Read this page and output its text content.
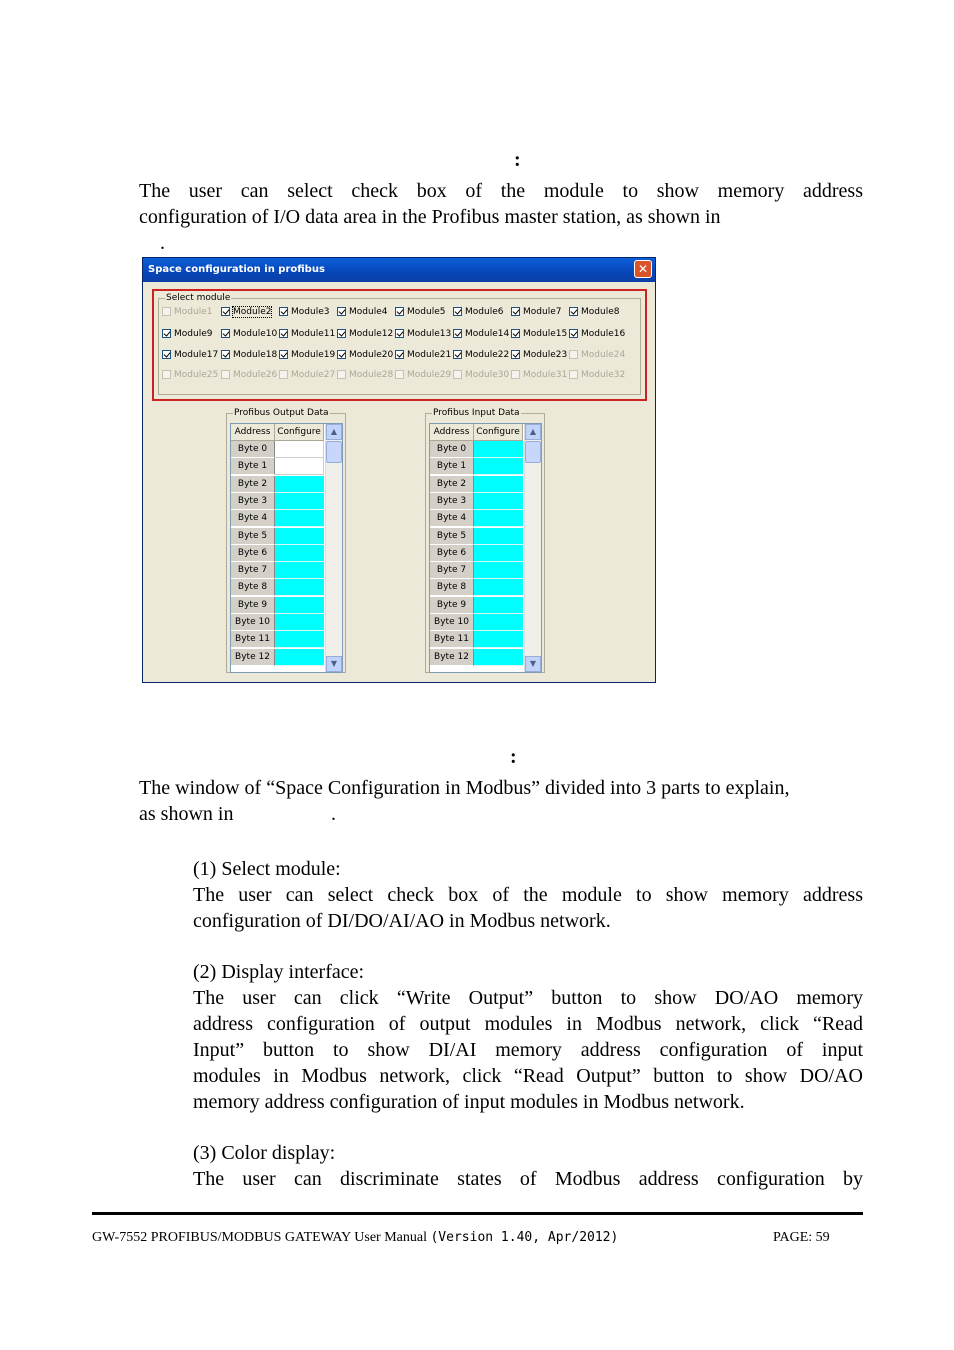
:
The user can select check box of the module to show memory address
configuration of I/O data area in the Profibus master station, as shown in
.
Space configuration in profibus	✕
Select module
Module1	Module2	Module3	Module4	Module5	Module6	Module7	Module8
Module9	Module10	Module11	Module12	Module13	Module14	Module15	Module16
Module17	Module18	Module19	Module20	Module21	Module22	Module23	Module24
Module25	Module26	Module27	Module28	Module29	Module30	Module31	Module32
Profibus Output Data
Address Configure
Byte 0
Byte 1
Byte 2
Byte 3
Byte 4
Byte 5
Byte 6
Byte 7
Byte 8
Byte 9
Byte 10
Byte 11
Byte 12
▲
▼
Profibus Input Data
Address Configure
Byte 0
Byte 1
Byte 2
Byte 3
Byte 4
Byte 5
Byte 6
Byte 7
Byte 8
Byte 9
Byte 10
Byte 11
Byte 12
▲
▼
:
The window of “Space Configuration in Modbus” divided into 3 parts to explain,
as shown in	.
(1) Select module:
The user can select check box of the module to show memory address
configuration of DI/DO/AI/AO in Modbus network.
(2) Display interface:
The user can click “Write Output” button to show DO/AO memory
address configuration of output modules in Modbus network, click “Read
Input” button to show DI/AI memory address configuration of input
modules in Modbus network, click “Read Output” button to show DO/AO
memory address configuration of input modules in Modbus network.
(3) Color display:
The user can discriminate states of Modbus address configuration by
GW-7552 PROFIBUS/MODBUS GATEWAY User Manual (Version 1.40, Apr/2012)	PAGE: 59
